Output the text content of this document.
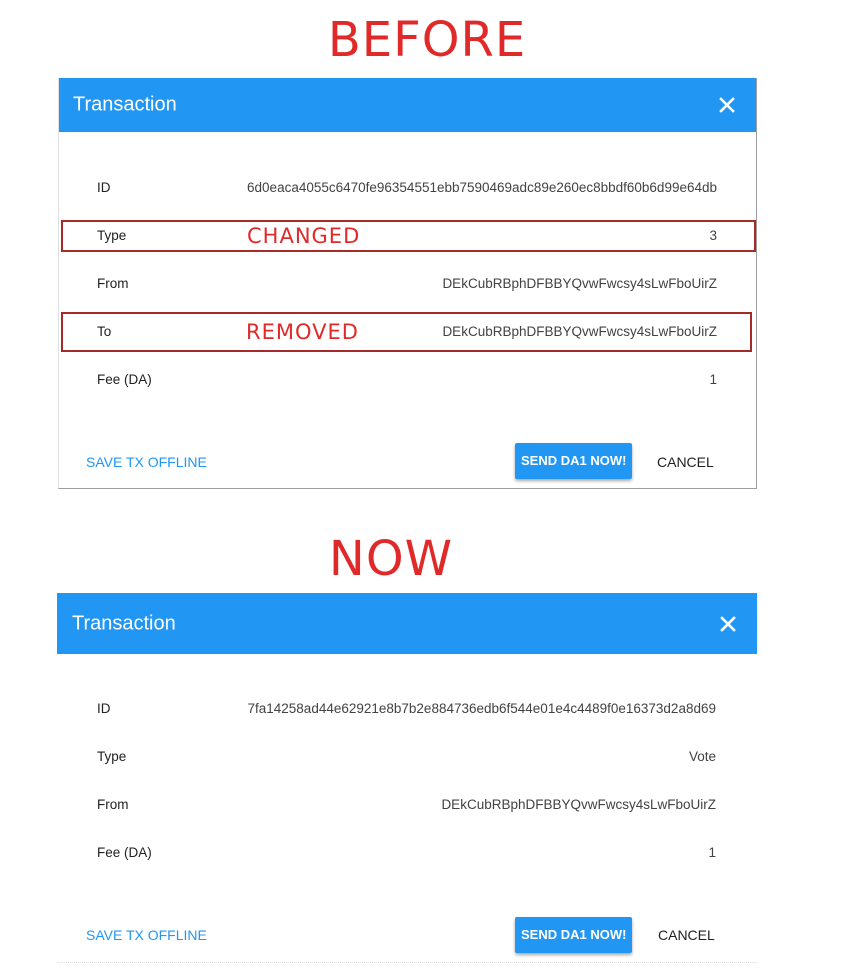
BEFORE
Transaction
ID	6d0eaca4055c6470fe96354551ebb7590469adc89e260ec8bbdf60b6d99e64db
Type	3
From	DEkCubRBphDFBBYQvwFwcsy4sLwFboUirZ
To	DEkCubRBphDFBBYQvwFwcsy4sLwFboUirZ
Fee (DA)	1
SAVE TX OFFLINE	SEND DA1 NOW!	CANCEL
CHANGED
REMOVED
NOW
Transaction
ID	7fa14258ad44e62921e8b7b2e884736edb6f544e01e4c4489f0e16373d2a8d69
Type	Vote
From	DEkCubRBphDFBBYQvwFwcsy4sLwFboUirZ
Fee (DA)	1
SAVE TX OFFLINE	SEND DA1 NOW!	CANCEL
